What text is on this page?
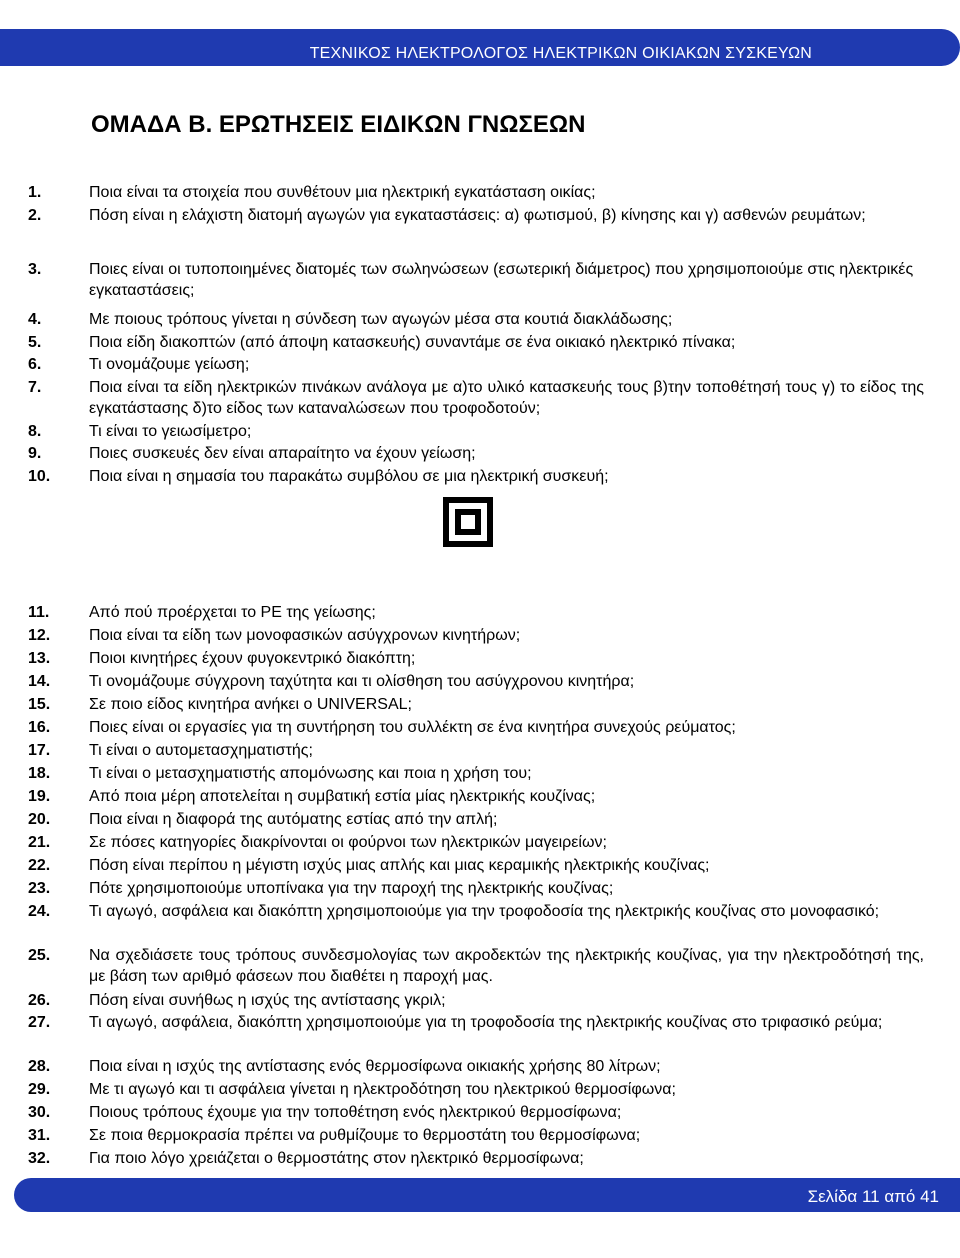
Ε.Ο.Π.Π.Ε.Π.
ΤΕΧΝΙΚΟΣ ΗΛΕΚΤΡΟΛΟΓΟΣ ΗΛΕΚΤΡΙΚΩΝ ΟΙΚΙΑΚΩΝ ΣΥΣΚΕΥΩΝ
ΟΜΑΔΑ Β. ΕΡΩΤΗΣΕΙΣ ΕΙΔΙΚΩΝ ΓΝΩΣΕΩΝ
1.	Ποια είναι τα στοιχεία που συνθέτουν μια ηλεκτρική εγκατάσταση οικίας;
2.	Πόση είναι η ελάχιστη διατομή αγωγών για εγκαταστάσεις: α) φωτισμού, β) κίνησης και γ) ασθενών ρευμάτων;
3.	Ποιες είναι οι τυποποιημένες διατομές των σωληνώσεων (εσωτερική διάμετρος) που χρησιμοποιούμε στις ηλεκτρικές εγκαταστάσεις;
4.	Με ποιους τρόπους γίνεται η σύνδεση των αγωγών μέσα στα κουτιά διακλάδωσης;
5.	Ποια είδη διακοπτών (από άποψη κατασκευής) συναντάμε σε ένα οικιακό ηλεκτρικό πίνακα;
6.	Τι ονομάζουμε γείωση;
7.	Ποια είναι τα είδη ηλεκτρικών πινάκων ανάλογα με α)το υλικό κατασκευής τους β)την τοποθέτησή τους γ) το είδος της εγκατάστασης δ)το είδος των καταναλώσεων που τροφοδοτούν;
8.	Τι είναι το γειωσίμετρο;
9.	Ποιες συσκευές δεν είναι απαραίτητο να έχουν γείωση;
10. Ποια είναι η σημασία του παρακάτω συμβόλου σε μια ηλεκτρική συσκευή;
11. Από πού προέρχεται το PE της γείωσης;
12. Ποια είναι τα είδη των μονοφασικών ασύγχρονων κινητήρων;
13. Ποιοι κινητήρες έχουν φυγοκεντρικό διακόπτη;
14. Τι ονομάζουμε σύγχρονη ταχύτητα και τι ολίσθηση του ασύγχρονου κινητήρα;
15. Σε ποιο είδος κινητήρα ανήκει ο UNIVERSAL;
16. Ποιες είναι οι εργασίες για τη συντήρηση του συλλέκτη σε ένα κινητήρα συνεχούς ρεύματος;
17. Τι είναι ο αυτομετασχηματιστής;
18. Τι είναι ο μετασχηματιστής απομόνωσης και ποια η χρήση του;
19. Από ποια μέρη αποτελείται η συμβατική εστία μίας ηλεκτρικής κουζίνας;
20. Ποια είναι η διαφορά της αυτόματης εστίας από την απλή;
21. Σε πόσες κατηγορίες διακρίνονται οι φούρνοι των ηλεκτρικών μαγειρείων;
22. Πόση είναι περίπου η μέγιστη ισχύς μιας απλής και μιας κεραμικής ηλεκτρικής κουζίνας;
23. Πότε χρησιμοποιούμε υποπίνακα για την παροχή της ηλεκτρικής κουζίνας;
24. Τι αγωγό, ασφάλεια και διακόπτη χρησιμοποιούμε για την τροφοδοσία της ηλεκτρικής κουζίνας στο μονοφασικό;
25. Να σχεδιάσετε τους τρόπους συνδεσμολογίας των ακροδεκτών της ηλεκτρικής κουζίνας, για την ηλεκτροδότησή της, με βάση των αριθμό φάσεων που διαθέτει η παροχή μας.
26. Πόση είναι συνήθως η ισχύς της αντίστασης γκριλ;
27. Τι αγωγό, ασφάλεια, διακόπτη χρησιμοποιούμε για τη τροφοδοσία της ηλεκτρικής κουζίνας στο τριφασικό ρεύμα;
28. Ποια είναι η ισχύς της αντίστασης ενός θερμοσίφωνα οικιακής χρήσης 80 λίτρων;
29. Με τι αγωγό και τι ασφάλεια γίνεται η ηλεκτροδότηση του ηλεκτρικού θερμοσίφωνα;
30. Ποιους τρόπους έχουμε για την τοποθέτηση ενός ηλεκτρικού θερμοσίφωνα;
31. Σε ποια θερμοκρασία πρέπει να ρυθμίζουμε το θερμοστάτη του θερμοσίφωνα;
32. Για ποιο λόγο χρειάζεται ο θερμοστάτης στον ηλεκτρικό θερμοσίφωνα;
Σελίδα 11 από 41
